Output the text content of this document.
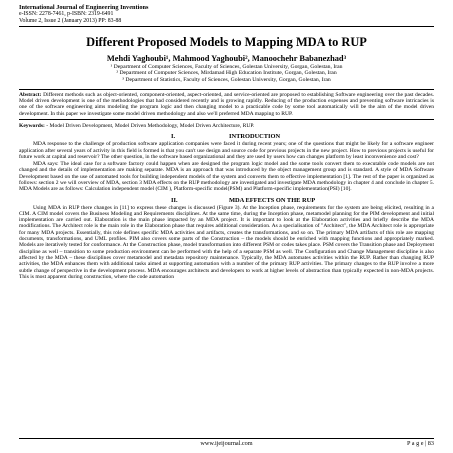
International Journal of Engineering Inventions
e-ISSN: 2278-7461, p-ISBN: 2319-6491
Volume 2, Issue 2 (January 2013) PP: 83-88
Different Proposed Models to Mapping MDA to RUP
Mehdi Yaghoubi¹, Mahmood Yaghoubi², Manoochehr Babanezhad³
¹ Department of Computer Sciences, Faculty of Sciences, Golestan University, Gorgan, Golestan, Iran
² Department of Computer Sciences, Mirdamad High Education Institute, Gorgan, Golestan, Iran
³ Department of Statistics, Faculty of Sciences, Golestan University, Gorgan, Golestan, Iran

Abstract: Different methods such as object-oriented, component-oriented, aspect-oriented, and service-oriented are proposed to establishing Software engineering over the past decades. Model driven development is one of the methodologies that had considered recently and is growing rapidly. Reducing of the production expenses and preventing software intricacies is one of the software engineering aims modeling the program logic and then changing model to a practicable code by some tool automatically will be the aim of the model driven development. In this paper we investigate some model driven methodology and also we'll preferred MDA mapping to RUP.

Keywords: - Model Driven Development, Model Driven Methodology, Model Driven Architecture, RUP.
I.	INTRODUCTION

MDA response to the challenge of production software application companies were faced it during recent years; one of the questions that might be likely for a software engineer application after several years of activity in this field is formed is that you can't use design and source code for previous projects in the new project. How to previous projects is useful for future work at capital and reservoir? The other question, in the software based organizational and they are used by users how can changes platform by least inconvenience and cost?

MDA says: The ideal case for a software factory could happen when are designed the program logic model and the some tools convert them to executable code models are not changed and the details of implementation are making separate. MDA is an approach that was introduced by the object management group and is standard. A style of MDA Software Development based on the use of automated tools for building independent models of the system and converts them to effective implementation [1]. The rest of the paper is organized as follows: section 2 we will overview of MDA, section 3 MDA effects on the RUP methodology are investigated and investigate MDA methodology in chapter 4 and conclude in chapter 5. MDA Models are as follows: Calculation independent model (CIM ), Platform-specific model(PSM) and Platform-specific implementation(PSI) [10].

II.	MDA EFFECTS ON THE RUP

Using MDA in RUP there changes in [11] to express these changes is discussed (Figure 3). At the Inception phase, requirements for the system are being elicited, resulting in a CIM. A CIM model covers the Business Modeling and Requirements disciplines. At the same time, during the Inception phase, metamodel planning for the PIM development and initial implementation are carried out. Elaboration is the main phase impacted by an MDA project. It is important to look at the Elaboration activities and briefly describe the MDA modifications. The Architect role is the main role in the Elaboration phase that requires additional consideration. As a specialisation of "Architect", the MDA Architect role is appropriate for many MDA projects. Essentially, this role defines specific MDA activities and artifacts, creates the transformations, and so on. The primary MDA artifacts of this role are mapping documents, transformations, and UML profiles. PIM also covers some parts of the Construction – the models should be enriched with mapping functions and appropriately marked. Models are iteratively tested for conformance. At the Construction phase, model transformation into different PSM or codes takes place. PSM covers the Transition phase and Deployment discipline as well – transition to some production environment can be performed with the help of a separate PSM as well. The Configuration and Change Management discipline is also affected by the MDA – these disciplines cover metamodel and metadata repository maintenance. Typically, the MDA automates activities within the RUP. Rather than changing RUP activities, the MDA enhances them with additional tasks aimed at supporting automation with a number of the primary RUP activities. The primary changes to the RUP involve a more subtle change of perspective in the development process. MDA encourages architects and developers to work at higher levels of abstraction than typically expected in non-MDA projects. This is most apparent during construction, where the code automation

www.ijeijournal.com	P a g e | 83
